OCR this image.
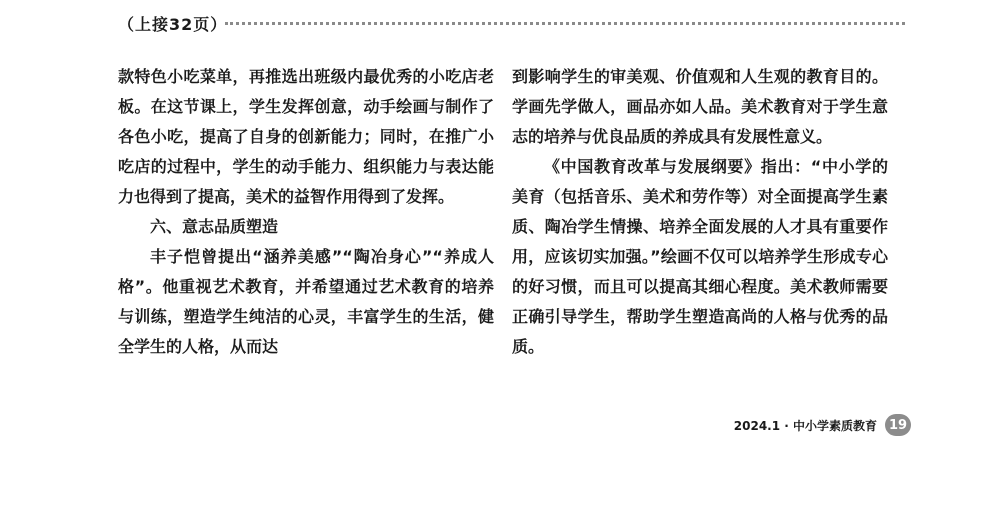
（上接32页）

款特色小吃菜单，再推选出班级内最优秀的小吃店老板。在这节课上，学生发挥创意，动手绘画与制作了各色小吃，提高了自身的创新能力；同时，在推广小吃店的过程中，学生的动手能力、组织能力与表达能力也得到了提高，美术的益智作用得到了发挥。

六、意志品质塑造

丰子恺曾提出“涵养美感”“陶冶身心”“养成人格”。他重视艺术教育，并希望通过艺术教育的培养与训练，塑造学生纯洁的心灵，丰富学生的生活，健全学生的人格，从而达

到影响学生的审美观、价值观和人生观的教育目的。学画先学做人，画品亦如人品。美术教育对于学生意志的培养与优良品质的养成具有发展性意义。

《中国教育改革与发展纲要》指出：“中小学的美育（包括音乐、美术和劳作等）对全面提高学生素质、陶冶学生情操、培养全面发展的人才具有重要作用，应该切实加强。”绘画不仅可以培养学生形成专心的好习惯，而且可以提高其细心程度。美术教师需要正确引导学生，帮助学生塑造高尚的人格与优秀的品质。

2024.1 · 中小学素质教育 19
